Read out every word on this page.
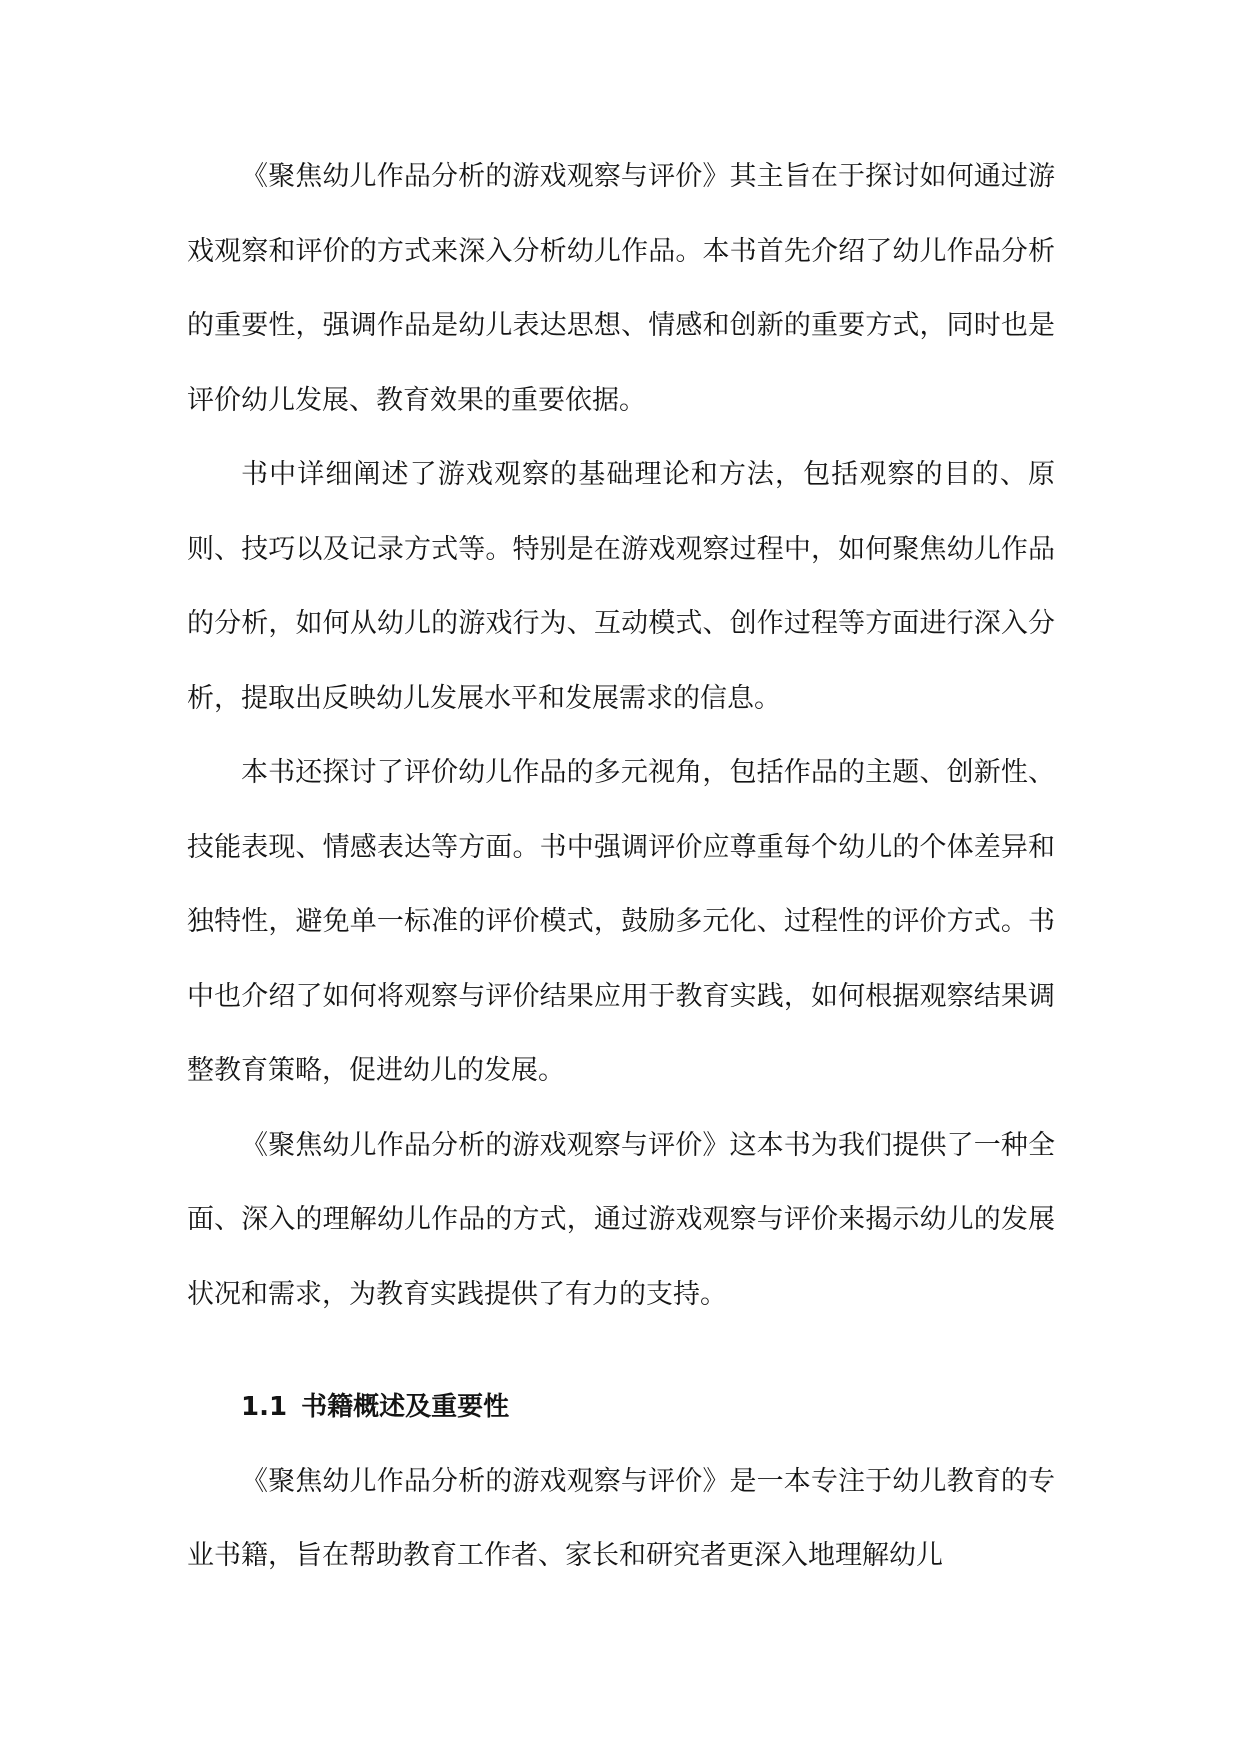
《聚焦幼儿作品分析的游戏观察与评价》其主旨在于探讨如何通过游戏观察和评价的方式来深入分析幼儿作品。本书首先介绍了幼儿作品分析的重要性，强调作品是幼儿表达思想、情感和创新的重要方式，同时也是评价幼儿发展、教育效果的重要依据。

书中详细阐述了游戏观察的基础理论和方法，包括观察的目的、原则、技巧以及记录方式等。特别是在游戏观察过程中，如何聚焦幼儿作品的分析，如何从幼儿的游戏行为、互动模式、创作过程等方面进行深入分析，提取出反映幼儿发展水平和发展需求的信息。

本书还探讨了评价幼儿作品的多元视角，包括作品的主题、创新性、技能表现、情感表达等方面。书中强调评价应尊重每个幼儿的个体差异和独特性，避免单一标准的评价模式，鼓励多元化、过程性的评价方式。书中也介绍了如何将观察与评价结果应用于教育实践，如何根据观察结果调整教育策略，促进幼儿的发展。

《聚焦幼儿作品分析的游戏观察与评价》这本书为我们提供了一种全面、深入的理解幼儿作品的方式，通过游戏观察与评价来揭示幼儿的发展状况和需求，为教育实践提供了有力的支持。

1.1 书籍概述及重要性

《聚焦幼儿作品分析的游戏观察与评价》是一本专注于幼儿教育的专业书籍，旨在帮助教育工作者、家长和研究者更深入地理解幼儿
